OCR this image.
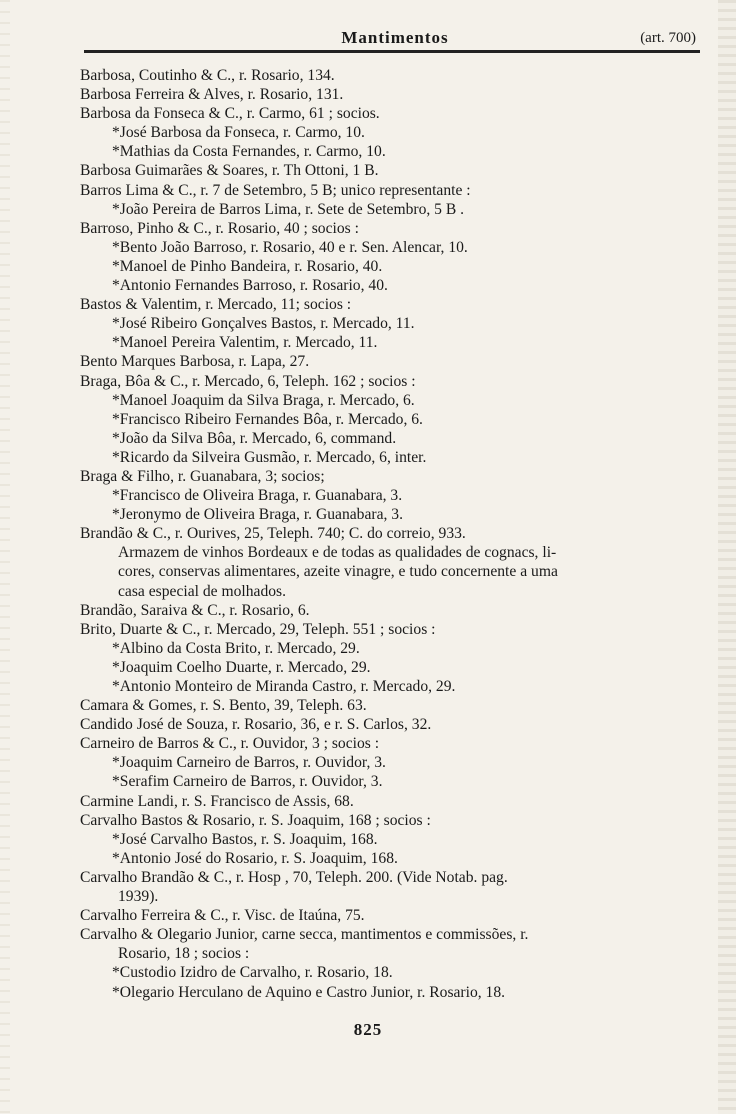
Mantimentos	(art. 700)
Barbosa, Coutinho & C., r. Rosario, 134.
Barbosa Ferreira & Alves, r. Rosario, 131.
Barbosa da Fonseca & C., r. Carmo, 61 ; socios.
*José Barbosa da Fonseca, r. Carmo, 10.
*Mathias da Costa Fernandes, r. Carmo, 10.
Barbosa Guimarães & Soares, r. Th Ottoni, 1 B.
Barros Lima & C., r. 7 de Setembro, 5 B; unico representante :
*João Pereira de Barros Lima, r. Sete de Setembro, 5 B .
Barroso, Pinho & C., r. Rosario, 40 ; socios :
*Bento João Barroso, r. Rosario, 40 e r. Sen. Alencar, 10.
*Manoel de Pinho Bandeira, r. Rosario, 40.
*Antonio Fernandes Barroso, r. Rosario, 40.
Bastos & Valentim, r. Mercado, 11; socios :
*José Ribeiro Gonçalves Bastos, r. Mercado, 11.
*Manoel Pereira Valentim, r. Mercado, 11.
Bento Marques Barbosa, r. Lapa, 27.
Braga, Bôa & C., r. Mercado, 6, Teleph. 162 ; socios :
*Manoel Joaquim da Silva Braga, r. Mercado, 6.
*Francisco Ribeiro Fernandes Bôa, r. Mercado, 6.
*João da Silva Bôa, r. Mercado, 6, command.
*Ricardo da Silveira Gusmão, r. Mercado, 6, inter.
Braga & Filho, r. Guanabara, 3; socios;
*Francisco de Oliveira Braga, r. Guanabara, 3.
*Jeronymo de Oliveira Braga, r. Guanabara, 3.
Brandão & C., r. Ourives, 25, Teleph. 740; C. do correio, 933.
Armazem de vinhos Bordeaux e de todas as qualidades de cognacs, li-
cores, conservas alimentares, azeite vinagre, e tudo concernente a uma
casa especial de molhados.
Brandão, Saraiva & C., r. Rosario, 6.
Brito, Duarte & C., r. Mercado, 29, Teleph. 551 ; socios :
*Albino da Costa Brito, r. Mercado, 29.
*Joaquim Coelho Duarte, r. Mercado, 29.
*Antonio Monteiro de Miranda Castro, r. Mercado, 29.
Camara & Gomes, r. S. Bento, 39, Teleph. 63.
Candido José de Souza, r. Rosario, 36, e r. S. Carlos, 32.
Carneiro de Barros & C., r. Ouvidor, 3 ; socios :
*Joaquim Carneiro de Barros, r. Ouvidor, 3.
*Serafim Carneiro de Barros, r. Ouvidor, 3.
Carmine Landi, r. S. Francisco de Assis, 68.
Carvalho Bastos & Rosario, r. S. Joaquim, 168 ; socios :
*José Carvalho Bastos, r. S. Joaquim, 168.
*Antonio José do Rosario, r. S. Joaquim, 168.
Carvalho Brandão & C., r. Hosp , 70, Teleph. 200. (Vide Notab. pag.
1939).
Carvalho Ferreira & C., r. Visc. de Itaúna, 75.
Carvalho & Olegario Junior, carne secca, mantimentos e commissões, r.
Rosario, 18 ; socios :
*Custodio Izidro de Carvalho, r. Rosario, 18.
*Olegario Herculano de Aquino e Castro Junior, r. Rosario, 18.
825
